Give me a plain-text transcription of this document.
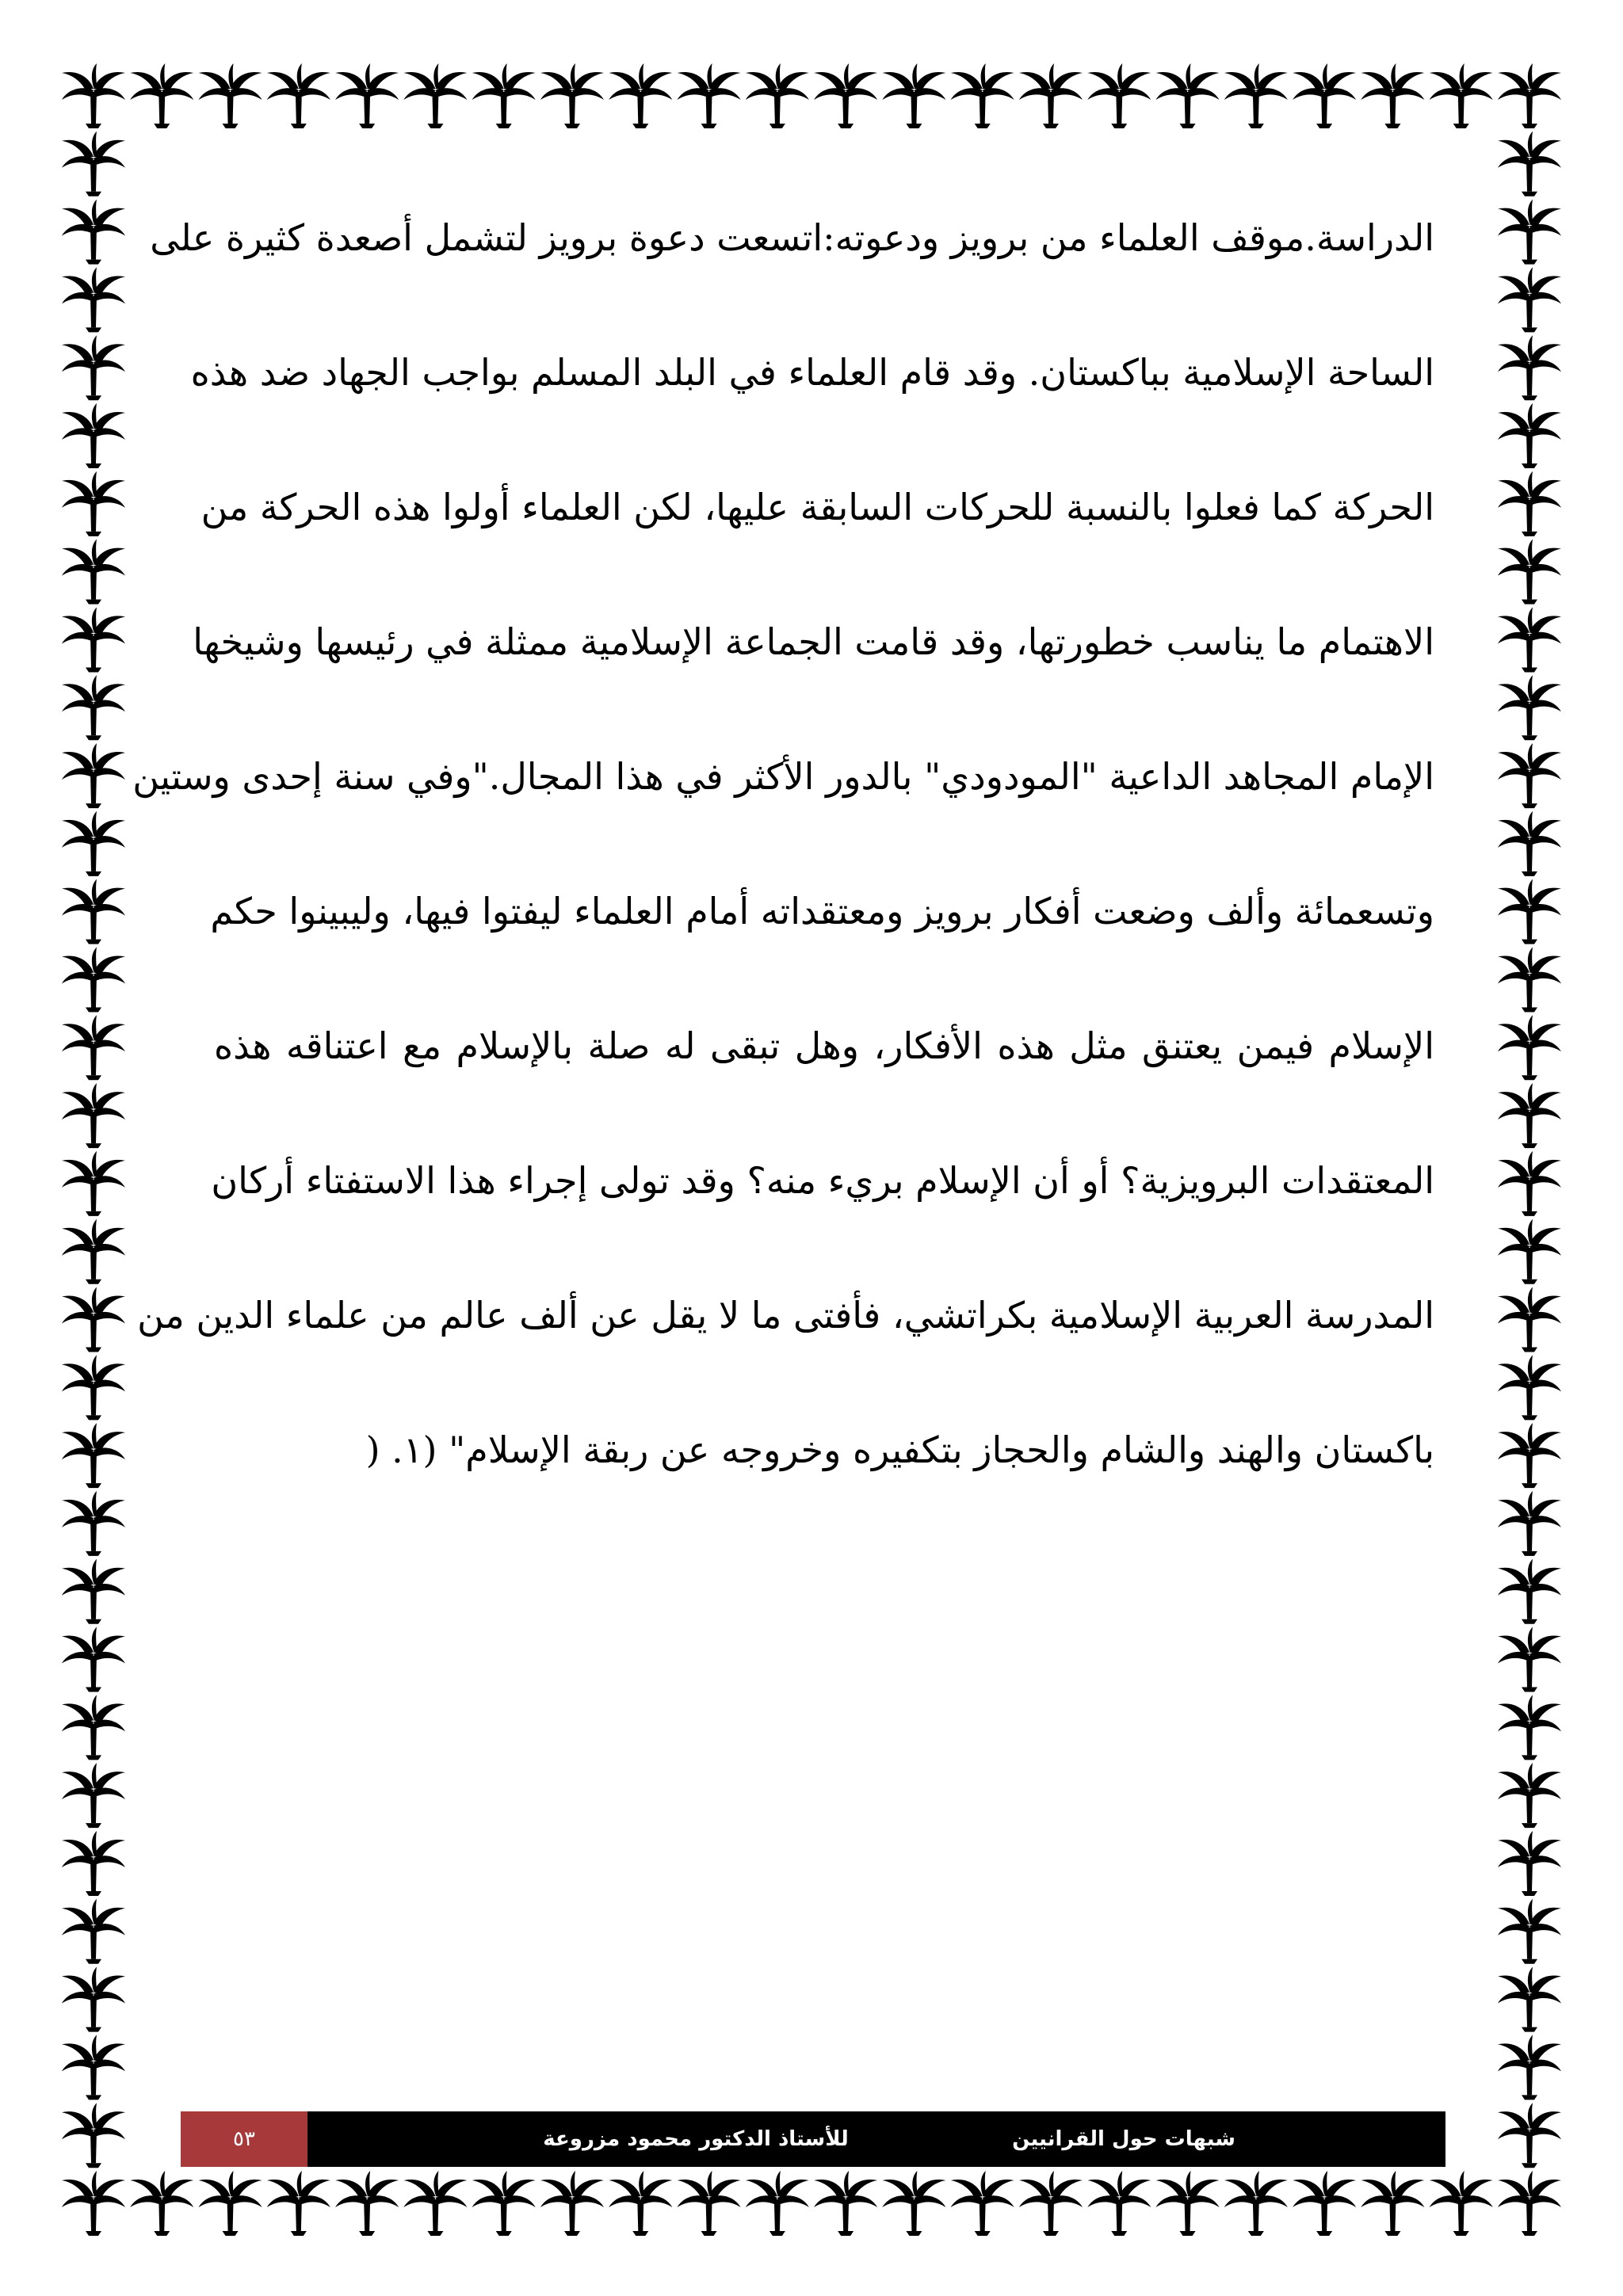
الدراسة.موقف العلماء من برويز ودعوته:اتسعت دعوة برويز لتشمل أصعدة كثيرة على
الساحة الإسلامية بباكستان. وقد قام العلماء في البلد المسلم بواجب الجهاد ضد هذه
الحركة كما فعلوا بالنسبة للحركات السابقة عليها، لكن العلماء أولوا هذه الحركة من
الاهتمام ما يناسب خطورتها، وقد قامت الجماعة الإسلامية ممثلة في رئيسها وشيخها
الإمام المجاهد الداعية "المودودي" بالدور الأكثر في هذا المجال."وفي سنة إحدى وستين
وتسعمائة وألف وضعت أفكار برويز ومعتقداته أمام العلماء ليفتوا فيها، وليبينوا حكم
الإسلام فيمن يعتنق مثل هذه الأفكار، وهل تبقى له صلة بالإسلام مع اعتناقه هذه
المعتقدات البرويزية؟ أو أن الإسلام بريء منه؟ وقد تولى إجراء هذا الاستفتاء أركان
المدرسة العربية الإسلامية بكراتشي، فأفتى ما لا يقل عن ألف عالم من علماء الدين من
باكستان والهند والشام والحجاز بتكفيره وخروجه عن ربقة الإسلام" (١. (
٥٣	للأستاذ الدكتور محمود مزروعة	شبهات حول القرانيين
